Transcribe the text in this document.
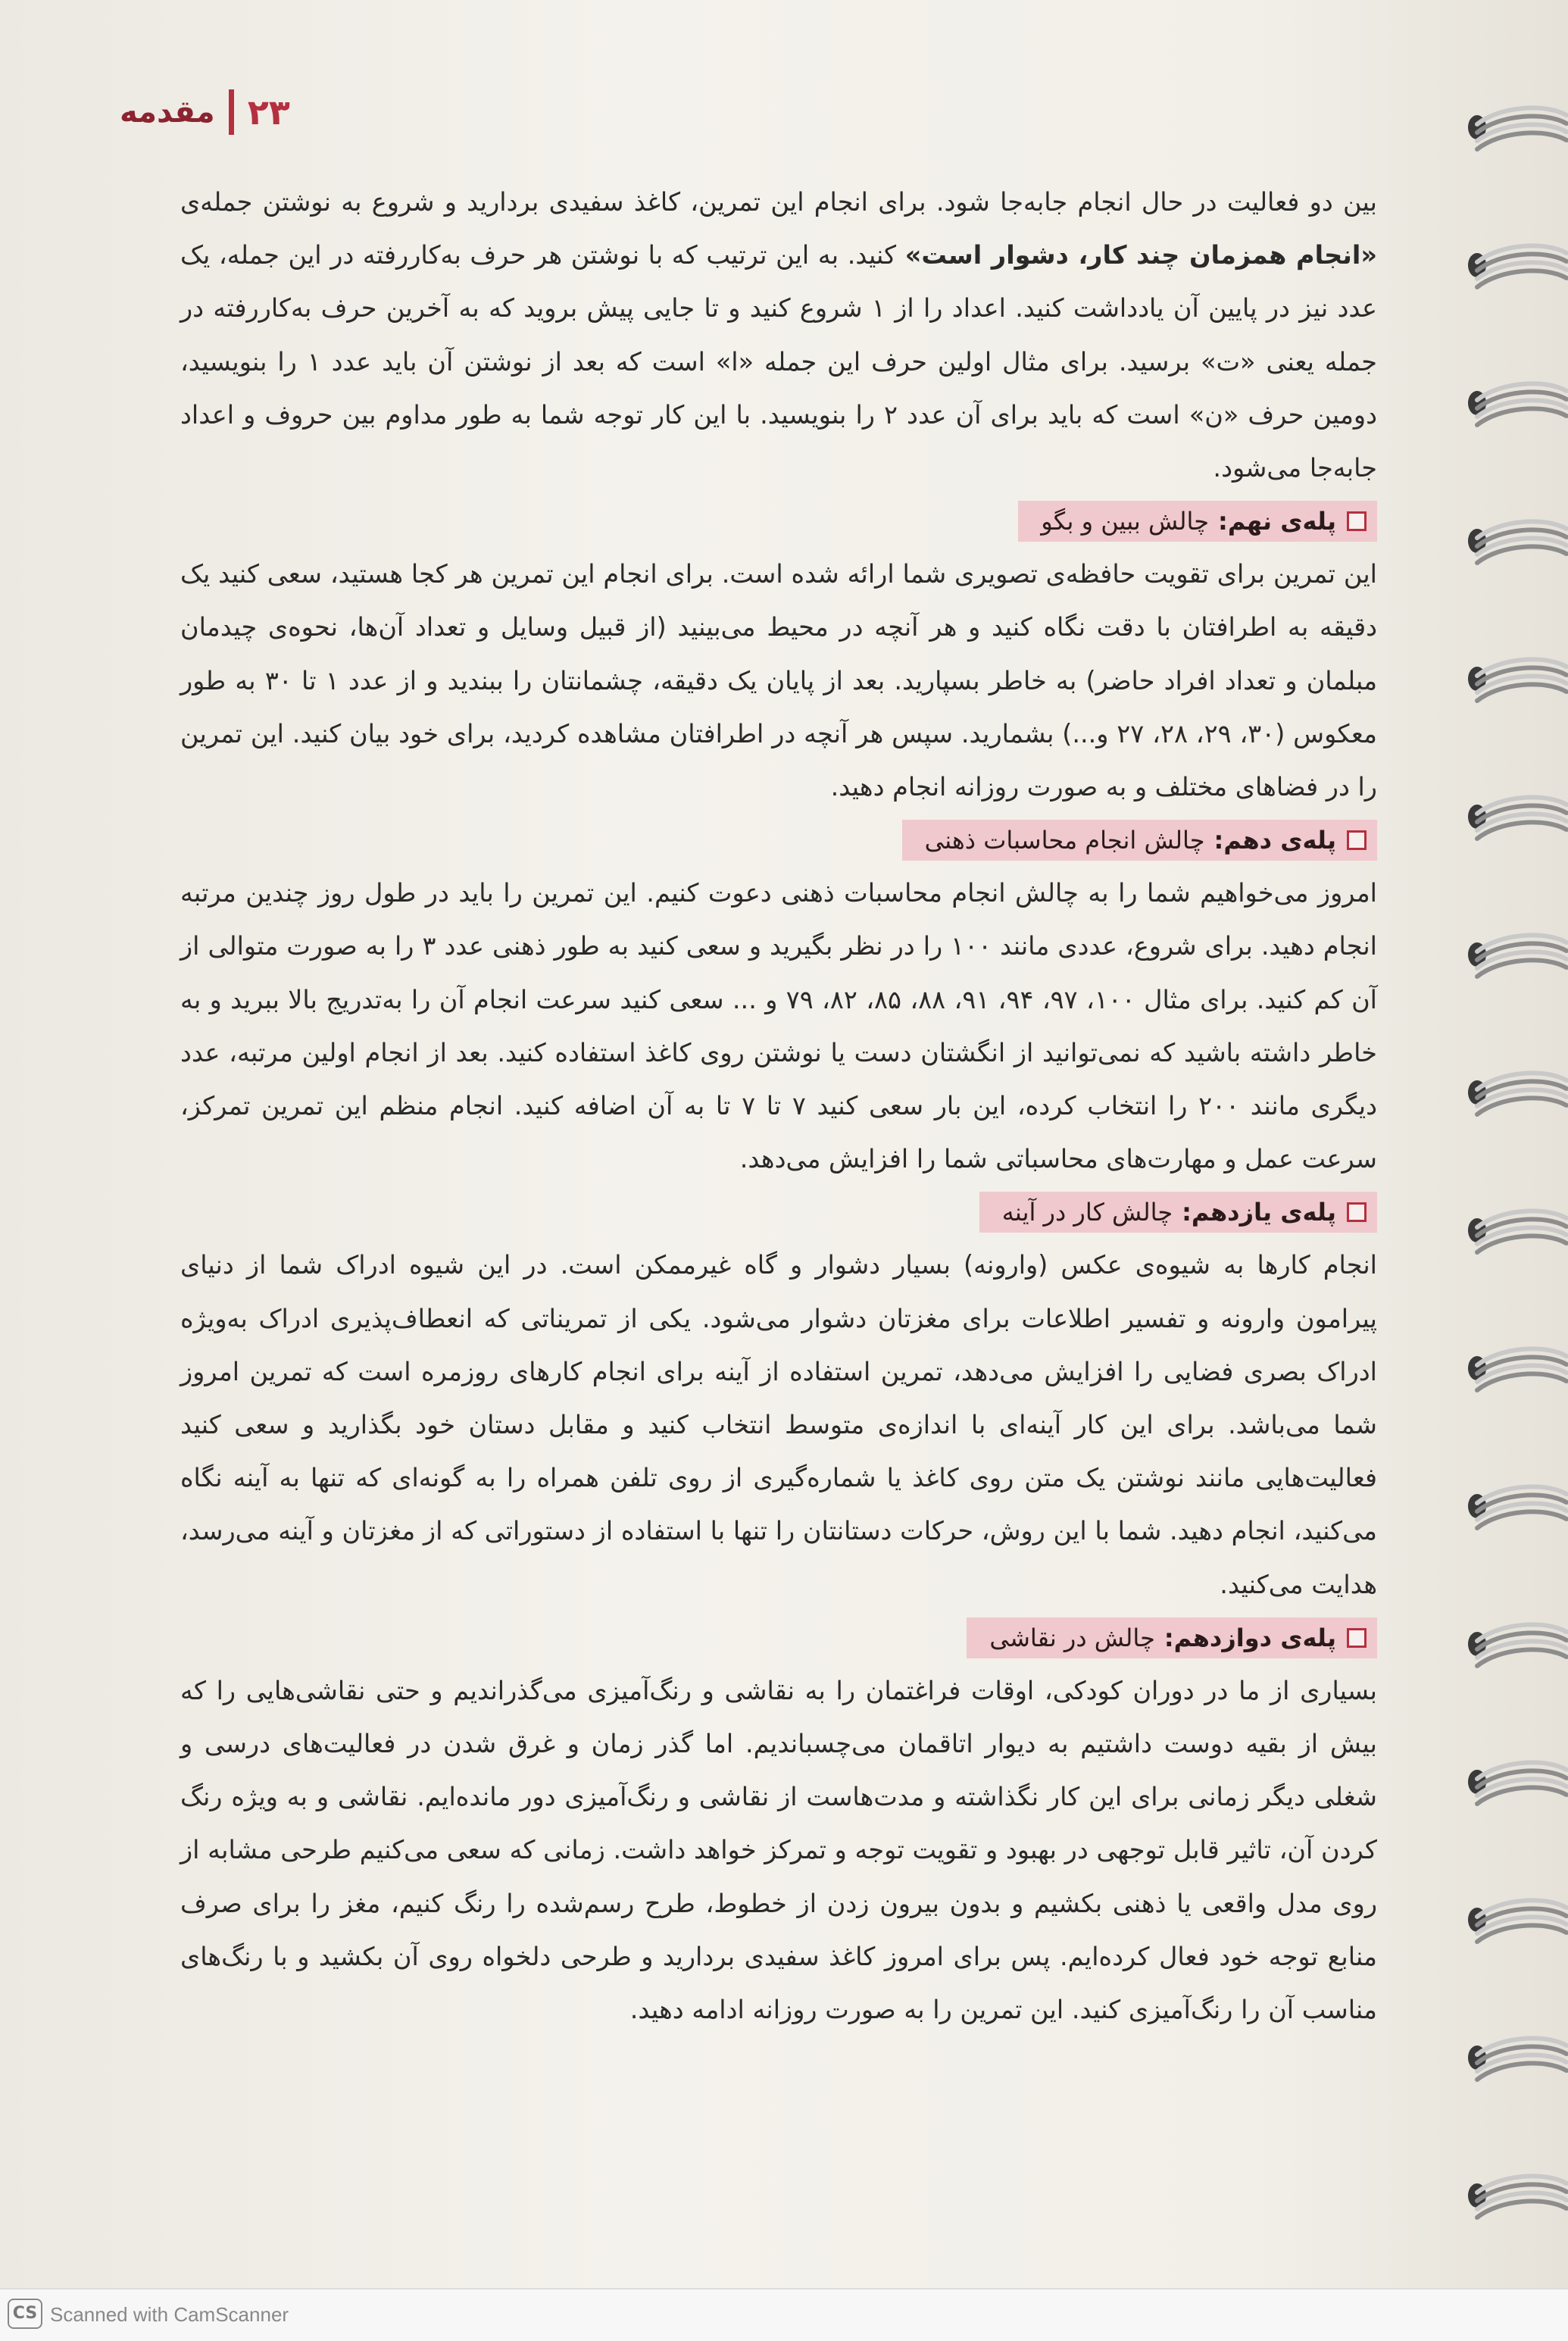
۲۳
مقدمه

بین دو فعالیت در حال انجام جابه‌جا شود. برای انجام این تمرین، کاغذ سفیدی بردارید و شروع به نوشتن جمله‌ی «انجام همزمان چند کار، دشوار است» کنید. به این ترتیب که با نوشتن هر حرف به‌کاررفته در این جمله، یک عدد نیز در پایین آن یادداشت کنید. اعداد را از ۱ شروع کنید و تا جایی پیش بروید که به آخرین حرف به‌کاررفته در جمله یعنی «ت» برسید. برای مثال اولین حرف این جمله «ا» است که بعد از نوشتن آن باید عدد ۱ را بنویسید، دومین حرف «ن» است که باید برای آن عدد ۲ را بنویسید. با این کار توجه شما به طور مداوم بین حروف و اعداد جابه‌جا می‌شود.

پله‌ی نهم:
چالش ببین و بگو

این تمرین برای تقویت حافظه‌ی تصویری شما ارائه شده است. برای انجام این تمرین هر کجا هستید، سعی کنید یک دقیقه به اطرافتان با دقت نگاه کنید و هر آنچه در محیط می‌بینید (از قبیل وسایل و تعداد آن‌ها، نحوه‌ی چیدمان مبلمان و تعداد افراد حاضر) به خاطر بسپارید. بعد از پایان یک دقیقه، چشمانتان را ببندید و از عدد ۱ تا ۳۰ به طور معکوس (۳۰، ۲۹، ۲۸، ۲۷ و...) بشمارید. سپس هر آنچه در اطرافتان مشاهده کردید، برای خود بیان کنید. این تمرین را در فضاهای مختلف و به صورت روزانه انجام دهید.

پله‌ی دهم:
چالش انجام محاسبات ذهنی

امروز می‌خواهیم شما را به چالش انجام محاسبات ذهنی دعوت کنیم. این تمرین را باید در طول روز چندین مرتبه انجام دهید. برای شروع، عددی مانند ۱۰۰ را در نظر بگیرید و سعی کنید به طور ذهنی عدد ۳ را به صورت متوالی از آن کم کنید. برای مثال ۱۰۰، ۹۷، ۹۴، ۹۱، ۸۸، ۸۵، ۸۲، ۷۹ و ... سعی کنید سرعت انجام آن را به‌تدریج بالا ببرید و به خاطر داشته باشید که نمی‌توانید از انگشتان دست یا نوشتن روی کاغذ استفاده کنید. بعد از انجام اولین مرتبه، عدد دیگری مانند ۲۰۰ را انتخاب کرده، این بار سعی کنید ۷ تا ۷ تا به آن اضافه کنید. انجام منظم این تمرین تمرکز، سرعت عمل و مهارت‌های محاسباتی شما را افزایش می‌دهد.

پله‌ی یازدهم:
چالش کار در آینه

انجام کارها به شیوه‌ی عکس (وارونه) بسیار دشوار و گاه غیرممکن است. در این شیوه ادراک شما از دنیای پیرامون وارونه و تفسیر اطلاعات برای مغزتان دشوار می‌شود. یکی از تمریناتی که انعطاف‌پذیری ادراک به‌ویژه ادراک بصری فضایی را افزایش می‌دهد، تمرین استفاده از آینه برای انجام کارهای روزمره است که تمرین امروز شما می‌باشد. برای این کار آینه‌ای با اندازه‌ی متوسط انتخاب کنید و مقابل دستان خود بگذارید و سعی کنید فعالیت‌هایی مانند نوشتن یک متن روی کاغذ یا شماره‌گیری از روی تلفن همراه را به گونه‌ای که تنها به آینه نگاه می‌کنید، انجام دهید. شما با این روش، حرکات دستانتان را تنها با استفاده از دستوراتی که از مغزتان و آینه می‌رسد، هدایت می‌کنید.

پله‌ی دوازدهم:
چالش در نقاشی

بسیاری از ما در دوران کودکی، اوقات فراغتمان را به نقاشی و رنگ‌آمیزی می‌گذراندیم و حتی نقاشی‌هایی را که بیش از بقیه دوست داشتیم به دیوار اتاقمان می‌چسباندیم. اما گذر زمان و غرق شدن در فعالیت‌های درسی و شغلی دیگر زمانی برای این کار نگذاشته و مدت‌هاست از نقاشی و رنگ‌آمیزی دور مانده‌ایم. نقاشی و به ویژه رنگ کردن آن، تاثیر قابل توجهی در بهبود و تقویت توجه و تمرکز خواهد داشت. زمانی که سعی می‌کنیم طرحی مشابه از روی مدل واقعی یا ذهنی بکشیم و بدون بیرون زدن از خطوط، طرح رسم‌شده را رنگ کنیم، مغز را برای صرف منابع توجه خود فعال کرده‌ایم. پس برای امروز کاغذ سفیدی بردارید و طرحی دلخواه روی آن بکشید و با رنگ‌های مناسب آن را رنگ‌آمیزی کنید. این تمرین را به صورت روزانه ادامه دهید.

CS Scanned with CamScanner
